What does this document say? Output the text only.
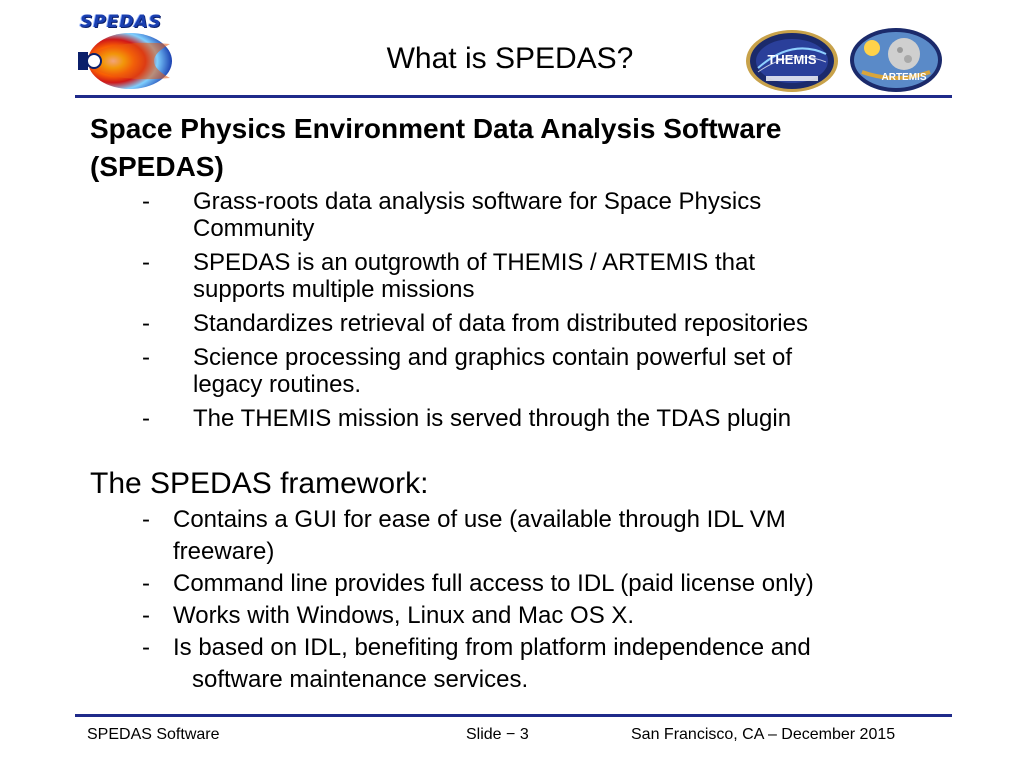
SPEDAS
What is SPEDAS?	THEMIS
ARTEMIS
Space Physics Environment Data Analysis Software
(SPEDAS)
- Grass-roots data analysis software for Space Physics
Community
- SPEDAS is an outgrowth of THEMIS / ARTEMIS that
supports multiple missions
- Standardizes retrieval of data from distributed repositories
- Science processing and graphics contain powerful set of
legacy routines.
- The THEMIS mission is served through the TDAS plugin
The SPEDAS framework:
- Contains a GUI for ease of use (available through IDL VM
freeware)
- Command line provides full access to IDL (paid license only)
- Works with Windows, Linux and Mac OS X.
- Is based on IDL, benefiting from platform independence and
software maintenance services.
SPEDAS Software	Slide − 3	San Francisco, CA – December 2015
